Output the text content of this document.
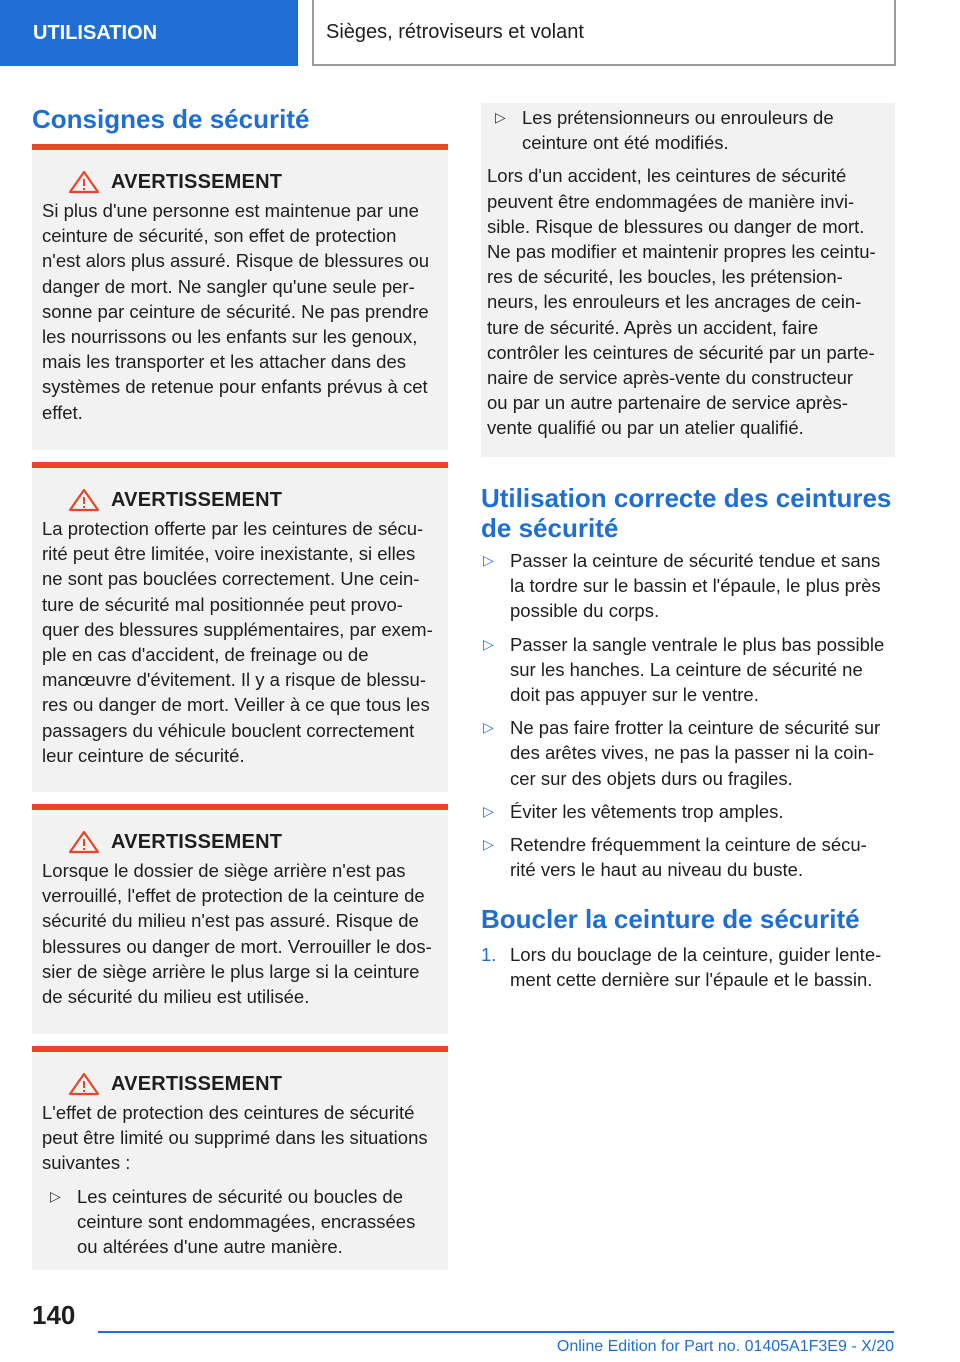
UTILISATION	Sièges, rétroviseurs et volant
Consignes de sécurité
AVERTISSEMENT
Si plus d'une personne est maintenue par une
ceinture de sécurité, son effet de protection
n'est alors plus assuré. Risque de blessures ou
danger de mort. Ne sangler qu'une seule per-
sonne par ceinture de sécurité. Ne pas prendre
les nourrissons ou les enfants sur les genoux,
mais les transporter et les attacher dans des
systèmes de retenue pour enfants prévus à cet
effet.
AVERTISSEMENT
La protection offerte par les ceintures de sécu-
rité peut être limitée, voire inexistante, si elles
ne sont pas bouclées correctement. Une cein-
ture de sécurité mal positionnée peut provo-
quer des blessures supplémentaires, par exem-
ple en cas d'accident, de freinage ou de
manœuvre d'évitement. Il y a risque de blessu-
res ou danger de mort. Veiller à ce que tous les
passagers du véhicule bouclent correctement
leur ceinture de sécurité.
AVERTISSEMENT
Lorsque le dossier de siège arrière n'est pas
verrouillé, l'effet de protection de la ceinture de
sécurité du milieu n'est pas assuré. Risque de
blessures ou danger de mort. Verrouiller le dos-
sier de siège arrière le plus large si la ceinture
de sécurité du milieu est utilisée.
AVERTISSEMENT
L'effet de protection des ceintures de sécurité
peut être limité ou supprimé dans les situations
suivantes :
▷ Les ceintures de sécurité ou boucles de
ceinture sont endommagées, encrassées
ou altérées d'une autre manière.
▷ Les prétensionneurs ou enrouleurs de
ceinture ont été modifiés.
Lors d'un accident, les ceintures de sécurité
peuvent être endommagées de manière invi-
sible. Risque de blessures ou danger de mort.
Ne pas modifier et maintenir propres les ceintu-
res de sécurité, les boucles, les prétension-
neurs, les enrouleurs et les ancrages de cein-
ture de sécurité. Après un accident, faire
contrôler les ceintures de sécurité par un parte-
naire de service après-vente du constructeur
ou par un autre partenaire de service après-
vente qualifié ou par un atelier qualifié.
Utilisation correcte des ceintures
de sécurité
▷ Passer la ceinture de sécurité tendue et sans
la tordre sur le bassin et l'épaule, le plus près
possible du corps.
▷ Passer la sangle ventrale le plus bas possible
sur les hanches. La ceinture de sécurité ne
doit pas appuyer sur le ventre.
▷ Ne pas faire frotter la ceinture de sécurité sur
des arêtes vives, ne pas la passer ni la coin-
cer sur des objets durs ou fragiles.
▷ Éviter les vêtements trop amples.
▷ Retendre fréquemment la ceinture de sécu-
rité vers le haut au niveau du buste.
Boucler la ceinture de sécurité
1. Lors du bouclage de la ceinture, guider lente-
ment cette dernière sur l'épaule et le bassin.
140
Online Edition for Part no. 01405A1F3E9 - X/20
